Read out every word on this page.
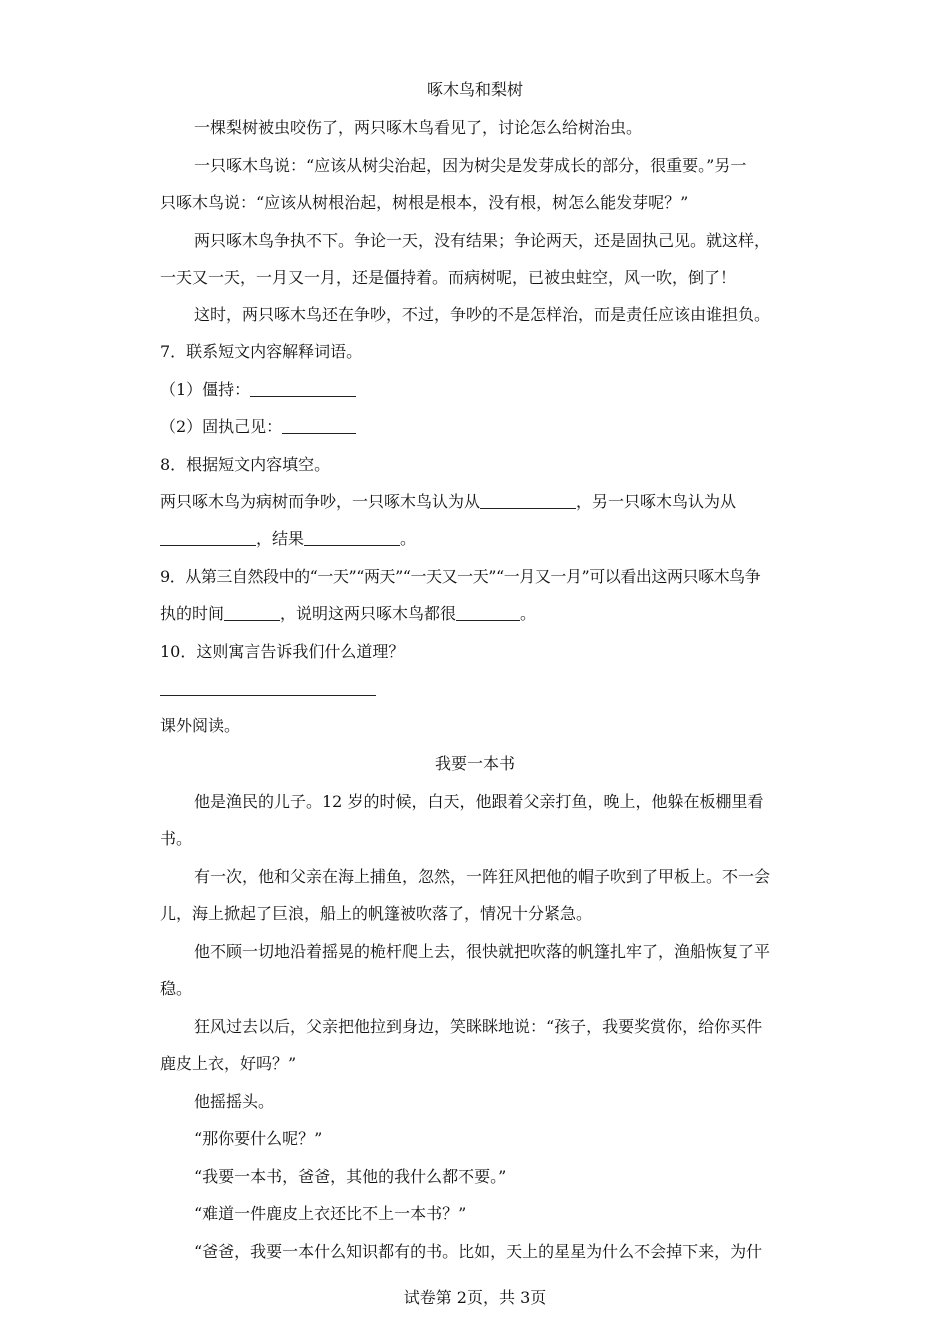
啄木鸟和梨树
一棵梨树被虫咬伤了，两只啄木鸟看见了，讨论怎么给树治虫。
一只啄木鸟说：“应该从树尖治起，因为树尖是发芽成长的部分，很重要。”另一
只啄木鸟说：“应该从树根治起，树根是根本，没有根，树怎么能发芽呢？”
两只啄木鸟争执不下。争论一天，没有结果；争论两天，还是固执己见。就这样，
一天又一天，一月又一月，还是僵持着。而病树呢，已被虫蛀空，风一吹，倒了！
这时，两只啄木鸟还在争吵，不过，争吵的不是怎样治，而是责任应该由谁担负。
7．联系短文内容解释词语。
（1）僵持：
（2）固执己见：
8．根据短文内容填空。
两只啄木鸟为病树而争吵，一只啄木鸟认为从	，另一只啄木鸟认为从
，结果	。
9．从第三自然段中的“一天”“两天”“一天又一天”“一月又一月”可以看出这两只啄木鸟争
执的时间	，说明这两只啄木鸟都很	。
10．这则寓言告诉我们什么道理？
课外阅读。
我要一本书
他是渔民的儿子。12 岁的时候，白天，他跟着父亲打鱼，晚上，他躲在板棚里看
书。
有一次，他和父亲在海上捕鱼，忽然，一阵狂风把他的帽子吹到了甲板上。不一会
儿，海上掀起了巨浪，船上的帆篷被吹落了，情况十分紧急。
他不顾一切地沿着摇晃的桅杆爬上去，很快就把吹落的帆篷扎牢了，渔船恢复了平
稳。
狂风过去以后，父亲把他拉到身边，笑眯眯地说：“孩子，我要奖赏你，给你买件
鹿皮上衣，好吗？”
他摇摇头。
“那你要什么呢？”
“我要一本书，爸爸，其他的我什么都不要。”
“难道一件鹿皮上衣还比不上一本书？”
“爸爸，我要一本什么知识都有的书。比如，天上的星星为什么不会掉下来，为什
试卷第 2页，共 3页
